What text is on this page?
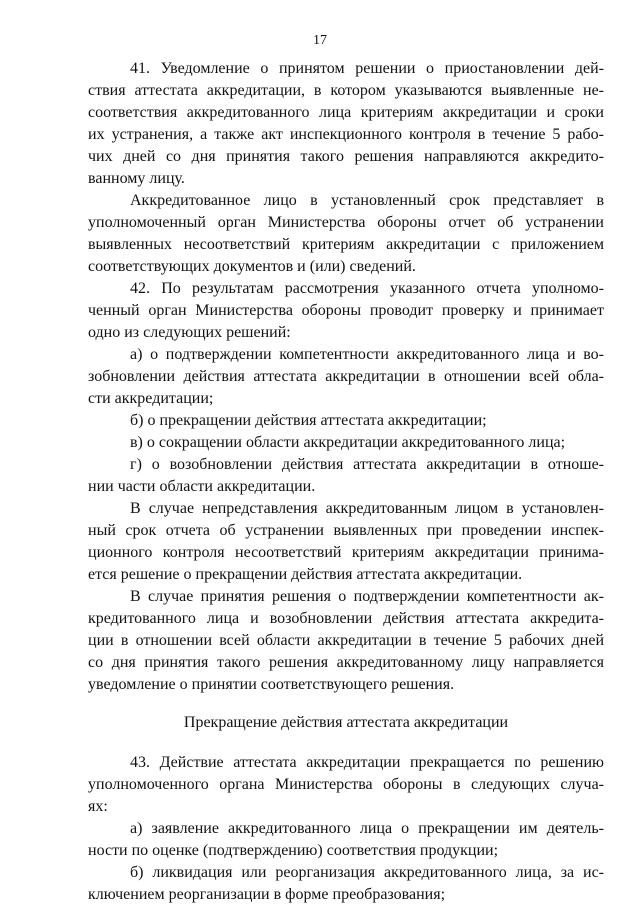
17
41. Уведомление о принятом решении о приостановлении дей-
ствия аттестата аккредитации, в котором указываются выявленные не-
соответствия аккредитованного лица критериям аккредитации и сроки
их устранения, а также акт инспекционного контроля в течение 5 рабо-
чих дней со дня принятия такого решения направляются аккредито-
ванному лицу.
Аккредитованное лицо в установленный срок представляет в
уполномоченный орган Министерства обороны отчет об устранении
выявленных несоответствий критериям аккредитации с приложением
соответствующих документов и (или) сведений.
42. По результатам рассмотрения указанного отчета уполномо-
ченный орган Министерства обороны проводит проверку и принимает
одно из следующих решений:
а) о подтверждении компетентности аккредитованного лица и во-
зобновлении действия аттестата аккредитации в отношении всей обла-
сти аккредитации;
б) о прекращении действия аттестата аккредитации;
в) о сокращении области аккредитации аккредитованного лица;
г) о возобновлении действия аттестата аккредитации в отноше-
нии части области аккредитации.
В случае непредставления аккредитованным лицом в установлен-
ный срок отчета об устранении выявленных при проведении инспек-
ционного контроля несоответствий критериям аккредитации принима-
ется решение о прекращении действия аттестата аккредитации.
В случае принятия решения о подтверждении компетентности ак-
кредитованного лица и возобновлении действия аттестата аккредита-
ции в отношении всей области аккредитации в течение 5 рабочих дней
со дня принятия такого решения аккредитованному лицу направляется
уведомление о принятии соответствующего решения.
Прекращение действия аттестата аккредитации
43. Действие аттестата аккредитации прекращается по решению
уполномоченного органа Министерства обороны в следующих случа-
ях:
а) заявление аккредитованного лица о прекращении им деятель-
ности по оценке (подтверждению) соответствия продукции;
б) ликвидация или реорганизация аккредитованного лица, за ис-
ключением реорганизации в форме преобразования;
